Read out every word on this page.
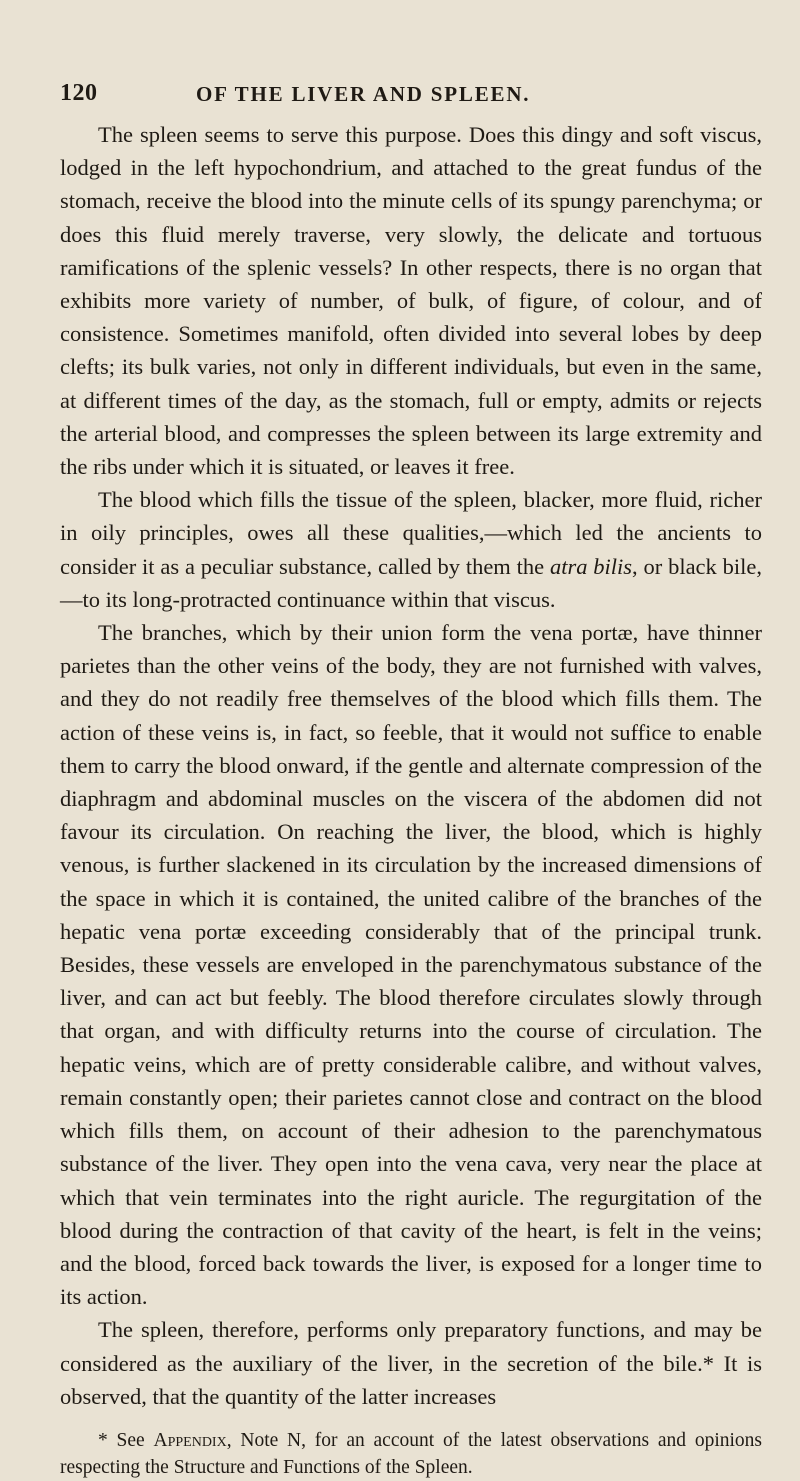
120	OF THE LIVER AND SPLEEN.

The spleen seems to serve this purpose. Does this dingy and soft viscus, lodged in the left hypochondrium, and attached to the great fundus of the stomach, receive the blood into the minute cells of its spungy parenchyma; or does this fluid merely traverse, very slowly, the delicate and tortuous ramifications of the splenic vessels? In other respects, there is no organ that exhibits more variety of number, of bulk, of figure, of colour, and of consistence. Sometimes manifold, often divided into several lobes by deep clefts; its bulk varies, not only in different individuals, but even in the same, at different times of the day, as the stomach, full or empty, admits or rejects the arterial blood, and compresses the spleen between its large extremity and the ribs under which it is situated, or leaves it free.

The blood which fills the tissue of the spleen, blacker, more fluid, richer in oily principles, owes all these qualities,—which led the ancients to consider it as a peculiar substance, called by them the atra bilis, or black bile,—to its long-protracted continuance within that viscus.

The branches, which by their union form the vena portæ, have thinner parietes than the other veins of the body, they are not furnished with valves, and they do not readily free themselves of the blood which fills them. The action of these veins is, in fact, so feeble, that it would not suffice to enable them to carry the blood onward, if the gentle and alternate compression of the diaphragm and abdominal muscles on the viscera of the abdomen did not favour its circulation. On reaching the liver, the blood, which is highly venous, is further slackened in its circulation by the increased dimensions of the space in which it is contained, the united calibre of the branches of the hepatic vena portæ exceeding considerably that of the principal trunk. Besides, these vessels are enveloped in the parenchymatous substance of the liver, and can act but feebly. The blood therefore circulates slowly through that organ, and with difficulty returns into the course of circulation. The hepatic veins, which are of pretty considerable calibre, and without valves, remain constantly open; their parietes cannot close and contract on the blood which fills them, on account of their adhesion to the parenchymatous substance of the liver. They open into the vena cava, very near the place at which that vein terminates into the right auricle. The regurgitation of the blood during the contraction of that cavity of the heart, is felt in the veins; and the blood, forced back towards the liver, is exposed for a longer time to its action.

The spleen, therefore, performs only preparatory functions, and may be considered as the auxiliary of the liver, in the secretion of the bile.* It is observed, that the quantity of the latter increases

* See Appendix, Note N, for an account of the latest observations and opinions respecting the Structure and Functions of the Spleen.
